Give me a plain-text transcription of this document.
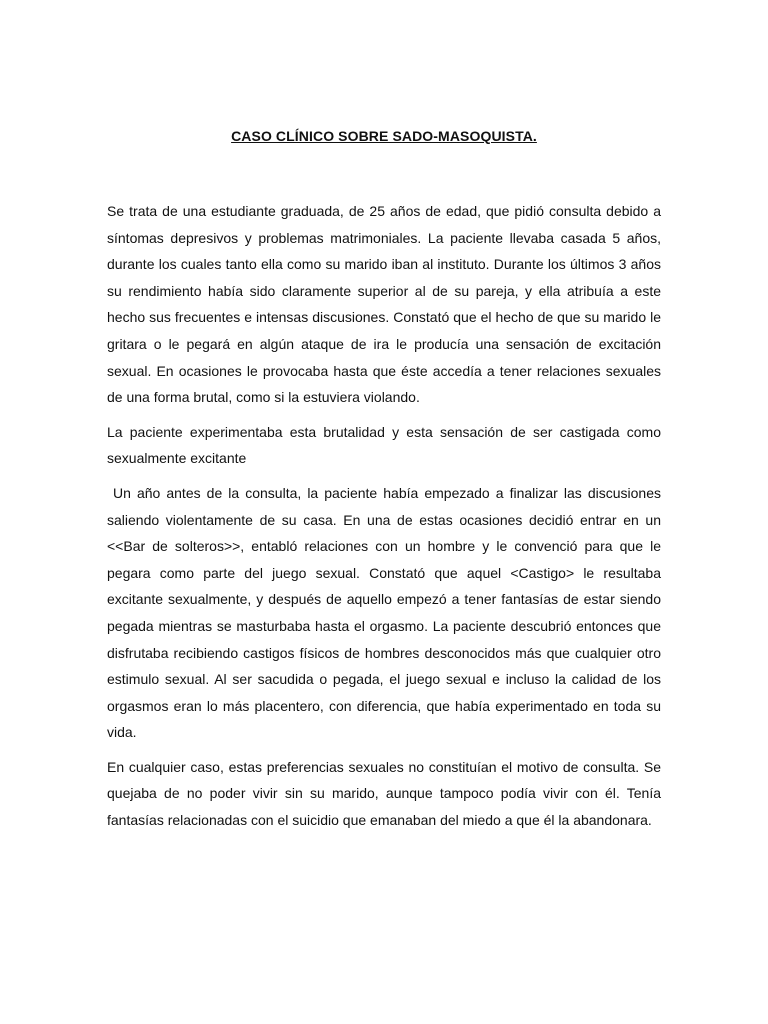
CASO CLÍNICO SOBRE SADO-MASOQUISTA.

Se trata de una estudiante graduada, de 25 años de edad, que pidió consulta debido a síntomas depresivos y problemas matrimoniales. La paciente llevaba casada 5 años, durante los cuales tanto ella como su marido iban al instituto. Durante los últimos 3 años su rendimiento había sido claramente superior al de su pareja, y ella atribuía a este hecho sus frecuentes e intensas discusiones. Constató que el hecho de que su marido le gritara o le pegará en algún ataque de ira le producía una sensación de excitación sexual. En ocasiones le provocaba hasta que éste accedía a tener relaciones sexuales de una forma brutal, como si la estuviera violando.

La paciente experimentaba esta brutalidad y esta sensación de ser castigada como sexualmente excitante

Un año antes de la consulta, la paciente había empezado a finalizar las discusiones saliendo violentamente de su casa. En una de estas ocasiones decidió entrar en un <<Bar de solteros>>, entabló relaciones con un hombre y le convenció para que le pegara como parte del juego sexual. Constató que aquel <Castigo> le resultaba excitante sexualmente, y después de aquello empezó a tener fantasías de estar siendo pegada mientras se masturbaba hasta el orgasmo. La paciente descubrió entonces que disfrutaba recibiendo castigos físicos de hombres desconocidos más que cualquier otro estimulo sexual. Al ser sacudida o pegada, el juego sexual e incluso la calidad de los orgasmos eran lo más placentero, con diferencia, que había experimentado en toda su vida.

En cualquier caso, estas preferencias sexuales no constituían el motivo de consulta. Se quejaba de no poder vivir sin su marido, aunque tampoco podía vivir con él. Tenía fantasías relacionadas con el suicidio que emanaban del miedo a que él la abandonara.
